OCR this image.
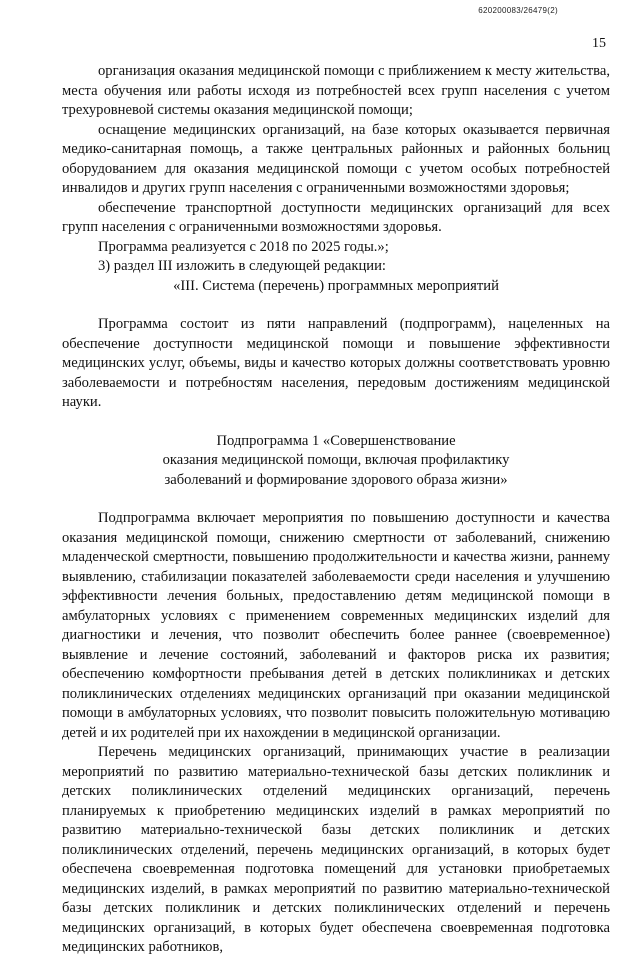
620200083/26479(2)
15

организация оказания медицинской помощи с приближением к месту жительства, места обучения или работы исходя из потребностей всех групп населения с учетом трехуровневой системы оказания медицинской помощи;

оснащение медицинских организаций, на базе которых оказывается первичная медико-санитарная помощь, а также центральных районных и районных больниц оборудованием для оказания медицинской помощи с учетом особых потребностей инвалидов и других групп населения с ограниченными возможностями здоровья;

обеспечение транспортной доступности медицинских организаций для всех групп населения с ограниченными возможностями здоровья.

Программа реализуется с 2018 по 2025 годы.»;

3) раздел III изложить в следующей редакции:

«III. Система (перечень) программных мероприятий

Программа состоит из пяти направлений (подпрограмм), нацеленных на обеспечение доступности медицинской помощи и повышение эффективности медицинских услуг, объемы, виды и качество которых должны соответствовать уровню заболеваемости и потребностям населения, передовым достижениям медицинской науки.

Подпрограмма 1 «Совершенствование

оказания медицинской помощи, включая профилактику

заболеваний и формирование здорового образа жизни»

Подпрограмма включает мероприятия по повышению доступности и качества оказания медицинской помощи, снижению смертности от заболеваний, снижению младенческой смертности, повышению продолжительности и качества жизни, раннему выявлению, стабилизации показателей заболеваемости среди населения и улучшению эффективности лечения больных, предоставлению детям медицинской помощи в амбулаторных условиях с применением современных медицинских изделий для диагностики и лечения, что позволит обеспечить более раннее (своевременное) выявление и лечение состояний, заболеваний и факторов риска их развития; обеспечению комфортности пребывания детей в детских поликлиниках и детских поликлинических отделениях медицинских организаций при оказании медицинской помощи в амбулаторных условиях, что позволит повысить положительную мотивацию детей и их родителей при их нахождении в медицинской организации.

Перечень медицинских организаций, принимающих участие в реализации мероприятий по развитию материально-технической базы детских поликлиник и детских поликлинических отделений медицинских организаций, перечень планируемых к приобретению медицинских изделий в рамках мероприятий по развитию материально-технической базы детских поликлиник и детских поликлинических отделений, перечень медицинских организаций, в которых будет обеспечена своевременная подготовка помещений для установки приобретаемых медицинских изделий, в рамках мероприятий по развитию материально-технической базы детских поликлиник и детских поликлинических отделений и перечень медицинских организаций, в которых будет обеспечена своевременная подготовка медицинских работников,
